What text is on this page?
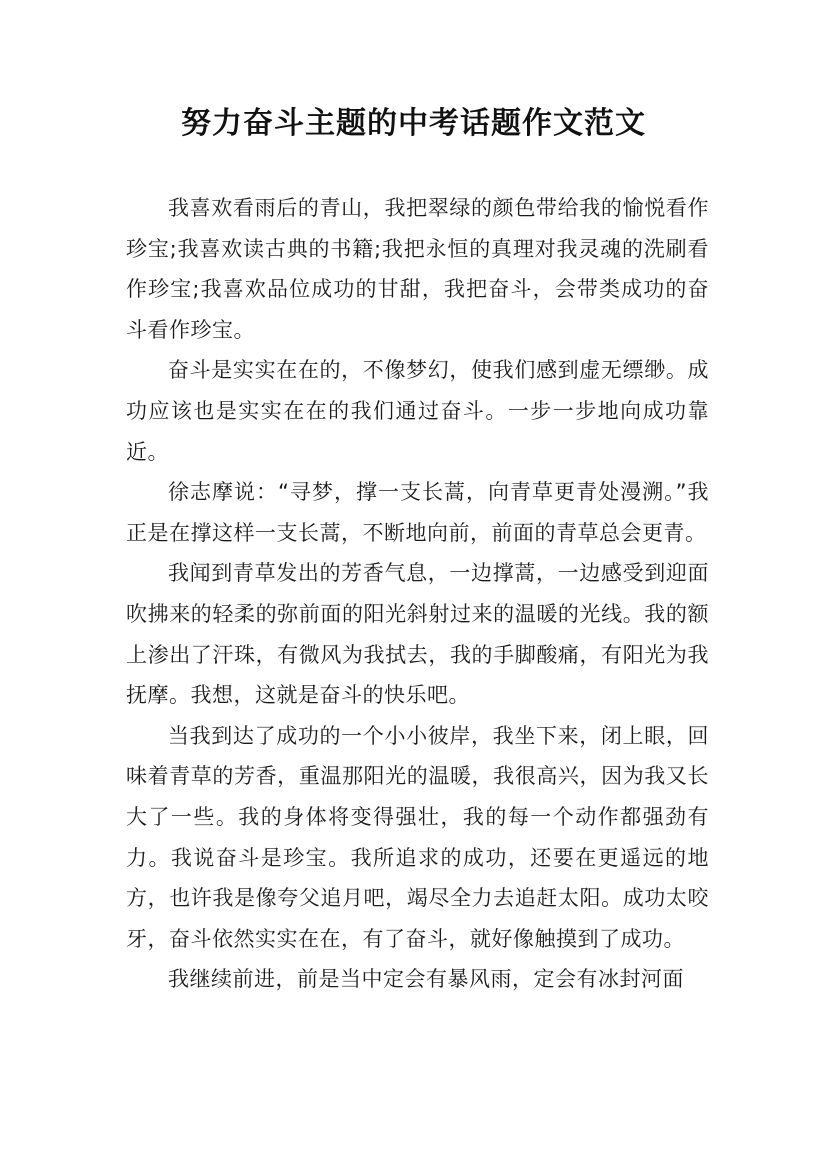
努力奋斗主题的中考话题作文范文

我喜欢看雨后的青山，我把翠绿的颜色带给我的愉悦看作珍宝;我喜欢读古典的书籍;我把永恒的真理对我灵魂的洗刷看作珍宝;我喜欢品位成功的甘甜，我把奋斗，会带类成功的奋斗看作珍宝。

奋斗是实实在在的，不像梦幻，使我们感到虚无缥缈。成功应该也是实实在在的我们通过奋斗。一步一步地向成功靠近。

徐志摩说：“寻梦，撑一支长蒿，向青草更青处漫溯。”我正是在撑这样一支长蒿，不断地向前，前面的青草总会更青。

我闻到青草发出的芳香气息，一边撑蒿，一边感受到迎面吹拂来的轻柔的弥前面的阳光斜射过来的温暖的光线。我的额上渗出了汗珠，有微风为我拭去，我的手脚酸痛，有阳光为我抚摩。我想，这就是奋斗的快乐吧。

当我到达了成功的一个小小彼岸，我坐下来，闭上眼，回味着青草的芳香，重温那阳光的温暖，我很高兴，因为我又长大了一些。我的身体将变得强壮，我的每一个动作都强劲有力。我说奋斗是珍宝。我所追求的成功，还要在更遥远的地方，也许我是像夸父追月吧，竭尽全力去追赶太阳。成功太咬牙，奋斗依然实实在在，有了奋斗，就好像触摸到了成功。

我继续前进，前是当中定会有暴风雨，定会有冰封河面
